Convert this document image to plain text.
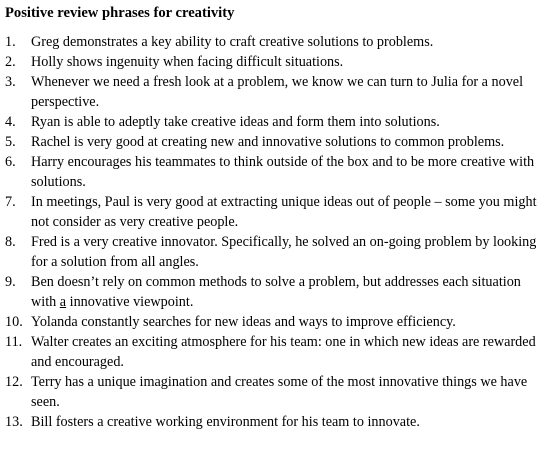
Positive review phrases for creativity
1. Greg demonstrates a key ability to craft creative solutions to problems.
2. Holly shows ingenuity when facing difficult situations.
3. Whenever we need a fresh look at a problem, we know we can turn to Julia for a novel perspective.
4. Ryan is able to adeptly take creative ideas and form them into solutions.
5. Rachel is very good at creating new and innovative solutions to common problems.
6. Harry encourages his teammates to think outside of the box and to be more creative with solutions.
7. In meetings, Paul is very good at extracting unique ideas out of people – some you might not consider as very creative people.
8. Fred is a very creative innovator. Specifically, he solved an on-going problem by looking for a solution from all angles.
9. Ben doesn’t rely on common methods to solve a problem, but addresses each situation with a innovative viewpoint.
10. Yolanda constantly searches for new ideas and ways to improve efficiency.
11. Walter creates an exciting atmosphere for his team: one in which new ideas are rewarded and encouraged.
12. Terry has a unique imagination and creates some of the most innovative things we have seen.
13. Bill fosters a creative working environment for his team to innovate.
